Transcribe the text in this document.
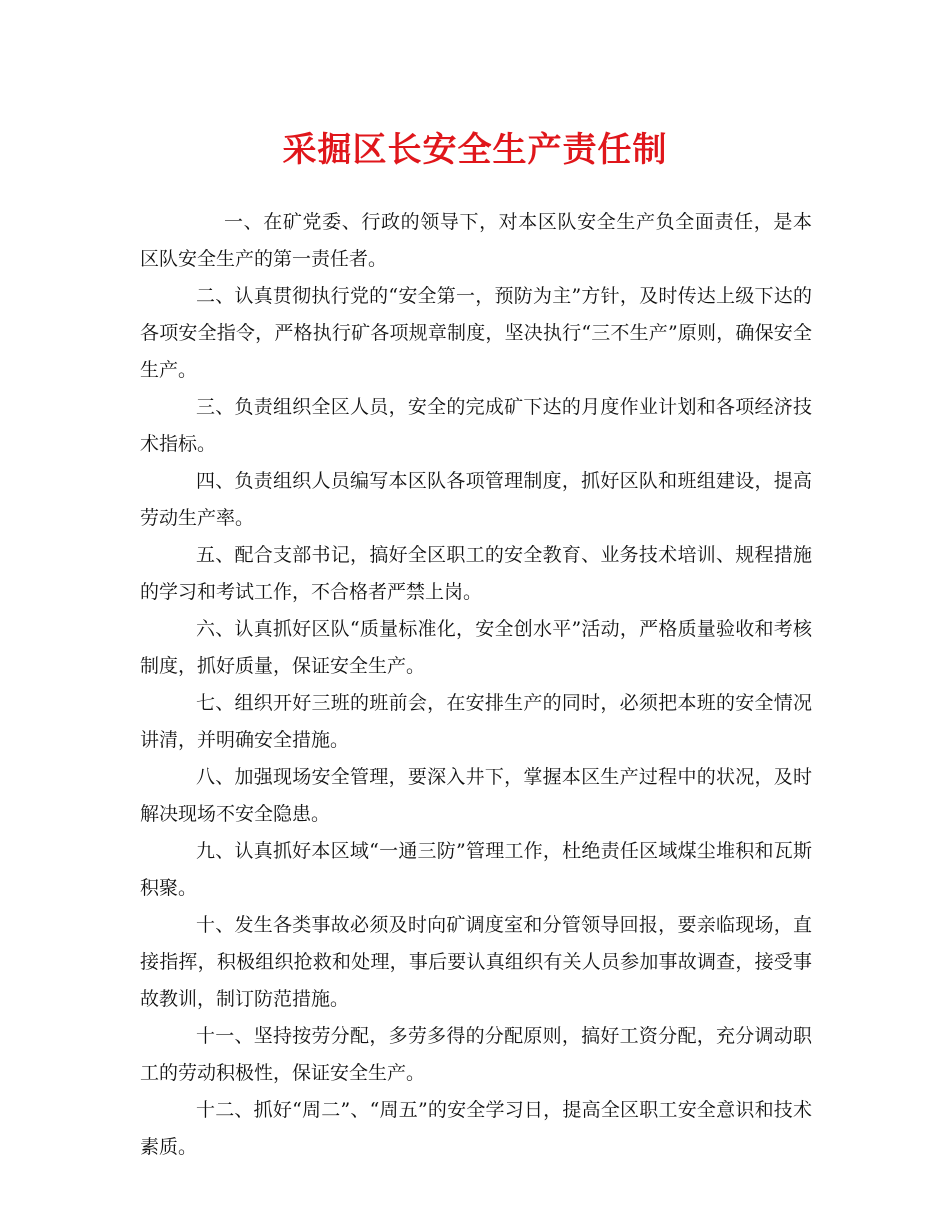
采掘区长安全生产责任制

一、在矿党委、行政的领导下，对本区队安全生产负全面责任，是本区队安全生产的第一责任者。

二、认真贯彻执行党的“安全第一，预防为主”方针，及时传达上级下达的各项安全指令，严格执行矿各项规章制度，坚决执行“三不生产”原则，确保安全生产。

三、负责组织全区人员，安全的完成矿下达的月度作业计划和各项经济技术指标。

四、负责组织人员编写本区队各项管理制度，抓好区队和班组建设，提高劳动生产率。

五、配合支部书记，搞好全区职工的安全教育、业务技术培训、规程措施的学习和考试工作，不合格者严禁上岗。

六、认真抓好区队“质量标准化，安全创水平”活动，严格质量验收和考核制度，抓好质量，保证安全生产。

七、组织开好三班的班前会，在安排生产的同时，必须把本班的安全情况讲清，并明确安全措施。

八、加强现场安全管理，要深入井下，掌握本区生产过程中的状况，及时解决现场不安全隐患。

九、认真抓好本区域“一通三防”管理工作，杜绝责任区域煤尘堆积和瓦斯积聚。

十、发生各类事故必须及时向矿调度室和分管领导回报，要亲临现场，直接指挥，积极组织抢救和处理，事后要认真组织有关人员参加事故调查，接受事故教训，制订防范措施。

十一、坚持按劳分配，多劳多得的分配原则，搞好工资分配，充分调动职工的劳动积极性，保证安全生产。

十二、抓好“周二”、“周五”的安全学习日，提高全区职工安全意识和技术素质。
